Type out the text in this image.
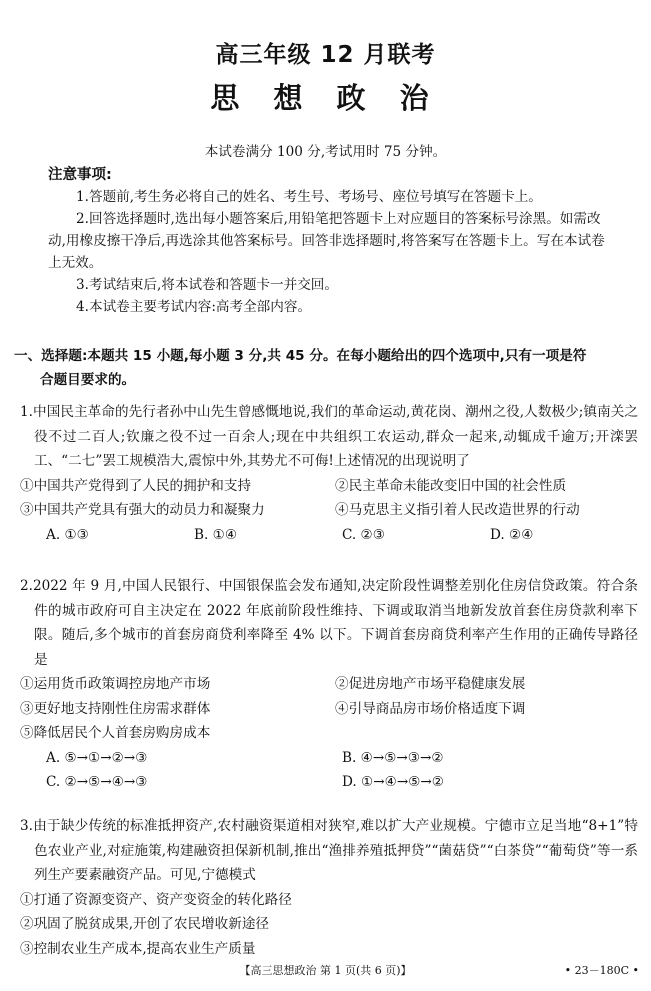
高三年级 12 月联考
思 想 政 治
本试卷满分 100 分,考试用时 75 分钟。
注意事项:

1.答题前,考生务必将自己的姓名、考生号、考场号、座位号填写在答题卡上。

2.回答选择题时,选出每小题答案后,用铅笔把答题卡上对应题目的答案标号涂黑。如需改动,用橡皮擦干净后,再选涂其他答案标号。回答非选择题时,将答案写在答题卡上。写在本试卷上无效。

3.考试结束后,将本试卷和答题卡一并交回。

4.本试卷主要考试内容:高考全部内容。

一、选择题:本题共 15 小题,每小题 3 分,共 45 分。在每小题给出的四个选项中,只有一项是符
合题目要求的。

1.中国民主革命的先行者孙中山先生曾感慨地说,我们的革命运动,黄花岗、潮州之役,人数极少;镇南关之役不过二百人;钦廉之役不过一百余人;现在中共组织工农运动,群众一起来,动辄成千逾万;开滦罢工、“二七”罢工规模浩大,震惊中外,其势尤不可侮!上述情况的出现说明了

①中国共产党得到了人民的拥护和支持	②民主革命未能改变旧中国的社会性质
③中国共产党具有强大的动员力和凝聚力	④马克思主义指引着人民改造世界的行动
A. ①③	B. ①④	C. ②③	D. ②④

2.2022 年 9 月,中国人民银行、中国银保监会发布通知,决定阶段性调整差别化住房信贷政策。符合条件的城市政府可自主决定在 2022 年底前阶段性维持、下调或取消当地新发放首套住房贷款利率下限。随后,多个城市的首套房商贷利率降至 4% 以下。下调首套房商贷利率产生作用的正确传导路径是

①运用货币政策调控房地产市场	②促进房地产市场平稳健康发展
③更好地支持刚性住房需求群体	④引导商品房市场价格适度下调

⑤降低居民个人首套房购房成本

A. ⑤→①→②→③	B. ④→⑤→③→②
C. ②→⑤→④→③	D. ①→④→⑤→②

3.由于缺少传统的标准抵押资产,农村融资渠道相对狭窄,难以扩大产业规模。宁德市立足当地“8+1”特色农业产业,对症施策,构建融资担保新机制,推出“渔排养殖抵押贷”“菌菇贷”“白茶贷”“葡萄贷”等一系列生产要素融资产品。可见,宁德模式

①打通了资源变资产、资产变资金的转化路径

②巩固了脱贫成果,开创了农民增收新途径

③控制农业生产成本,提高农业生产质量

【高三思想政治 第 1 页(共 6 页)】	• 23－180C •
